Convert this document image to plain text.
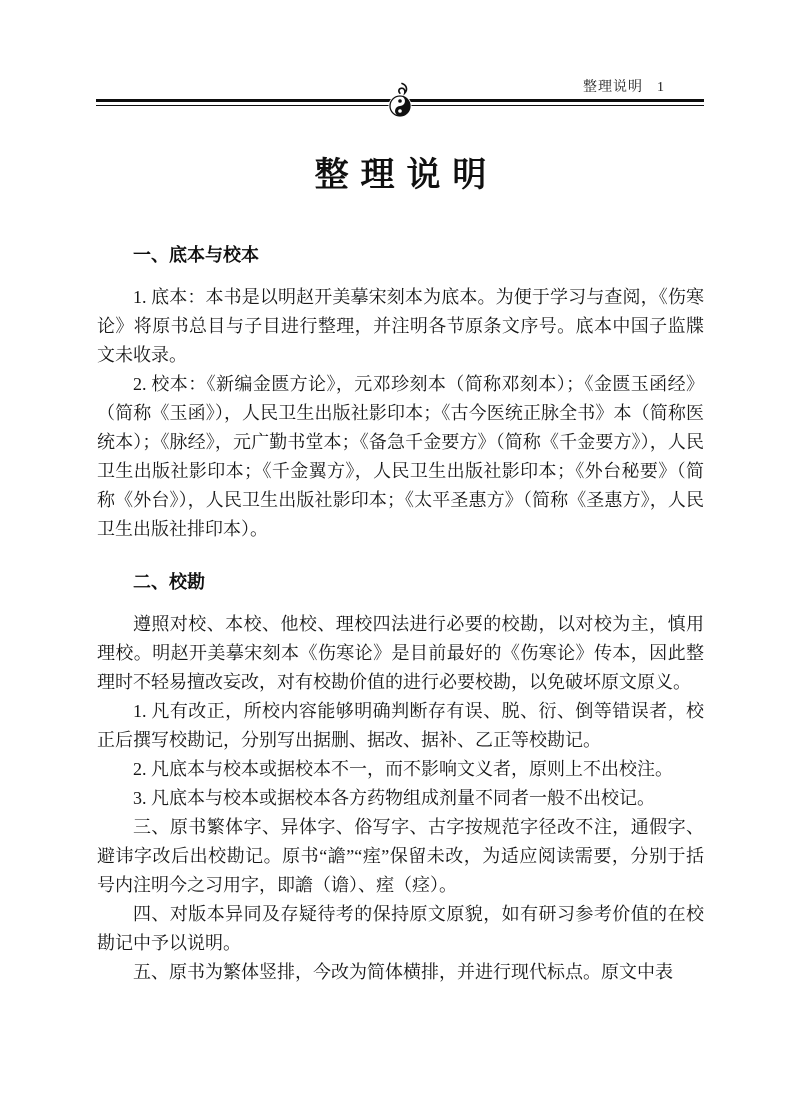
整理说明 1
整理说明
一、底本与校本

1. 底本：本书是以明赵开美摹宋刻本为底本。为便于学习与查阅，《伤寒论》将原书总目与子目进行整理，并注明各节原条文序号。底本中国子监牒文未收录。

2. 校本：《新编金匮方论》，元邓珍刻本（简称邓刻本）；《金匮玉函经》（简称《玉函》），人民卫生出版社影印本；《古今医统正脉全书》本（简称医统本）；《脉经》，元广勤书堂本；《备急千金要方》（简称《千金要方》），人民卫生出版社影印本；《千金翼方》，人民卫生出版社影印本；《外台秘要》（简称《外台》），人民卫生出版社影印本；《太平圣惠方》（简称《圣惠方》，人民卫生出版社排印本）。

二、校勘

遵照对校、本校、他校、理校四法进行必要的校勘，以对校为主，慎用理校。明赵开美摹宋刻本《伤寒论》是目前最好的《伤寒论》传本，因此整理时不轻易擅改妄改，对有校勘价值的进行必要校勘，以免破坏原文原义。

1. 凡有改正，所校内容能够明确判断存有误、脱、衍、倒等错误者，校正后撰写校勘记，分别写出据删、据改、据补、乙正等校勘记。

2. 凡底本与校本或据校本不一，而不影响文义者，原则上不出校注。

3. 凡底本与校本或据校本各方药物组成剂量不同者一般不出校记。

三、原书繁体字、异体字、俗写字、古字按规范字径改不注，通假字、避讳字改后出校勘记。原书“譫”“痓”保留未改，为适应阅读需要，分别于括号内注明今之习用字，即譫（谵）、痓（痉）。

四、对版本异同及存疑待考的保持原文原貌，如有研习参考价值的在校勘记中予以说明。

五、原书为繁体竖排，今改为简体横排，并进行现代标点。原文中表
